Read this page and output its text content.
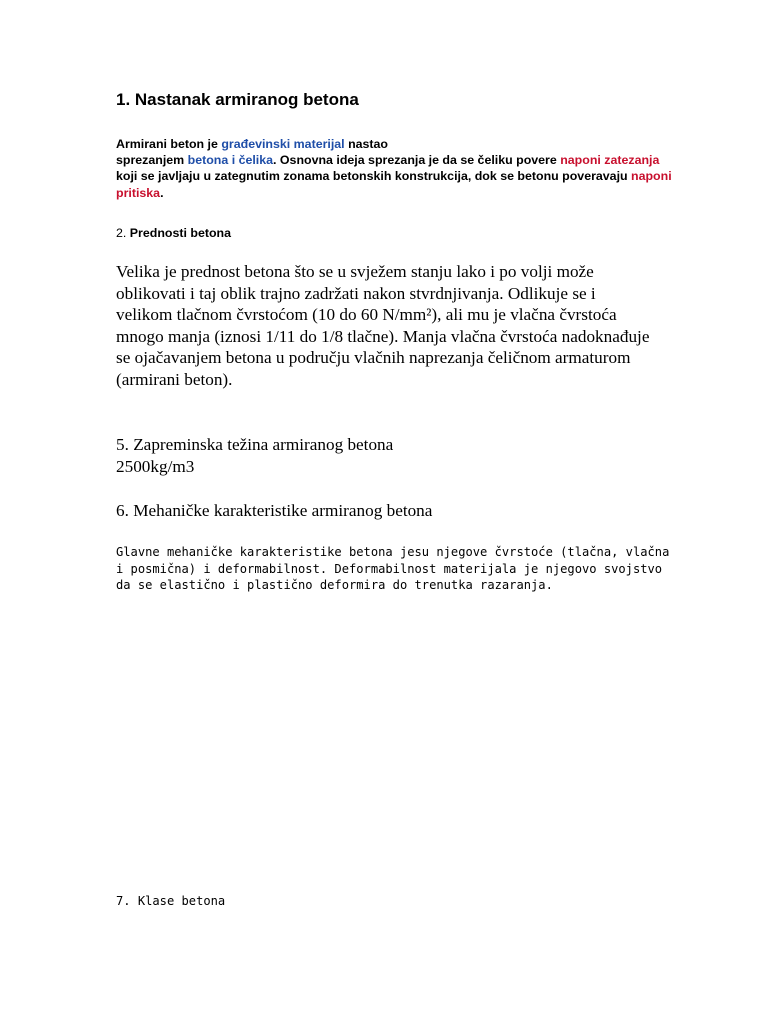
1. Nastanak armiranog betona

Armirani beton je građevinski materijal nastao
sprezanjem betona i čelika. Osnovna ideja sprezanja je da se čeliku povere naponi zatezanja koji se javljaju u zategnutim zonama betonskih konstrukcija, dok se betonu poveravaju naponi pritiska.

2. Prednosti betona

Velika je prednost betona što se u svježem stanju lako i po volji može oblikovati i taj oblik trajno zadržati nakon stvrdnjivanja. Odlikuje se i velikom tlačnom čvrstoćom (10 do 60 N/mm²), ali mu je vlačna čvrstoća mnogo manja (iznosi 1/11 do 1/8 tlačne). Manja vlačna čvrstoća nadoknađuje se ojačavanjem betona u području vlačnih naprezanja čeličnom armaturom (armirani beton).

5. Zapreminska težina armiranog betona
2500kg/m3

6. Mehaničke karakteristike armiranog betona

Glavne mehaničke karakteristike betona jesu njegove čvrstoće (tlačna, vlačna i posmična) i deformabilnost. Deformabilnost materijala je njegovo svojstvo da se elastično i plastično deformira do trenutka razaranja.

7. Klase betona
